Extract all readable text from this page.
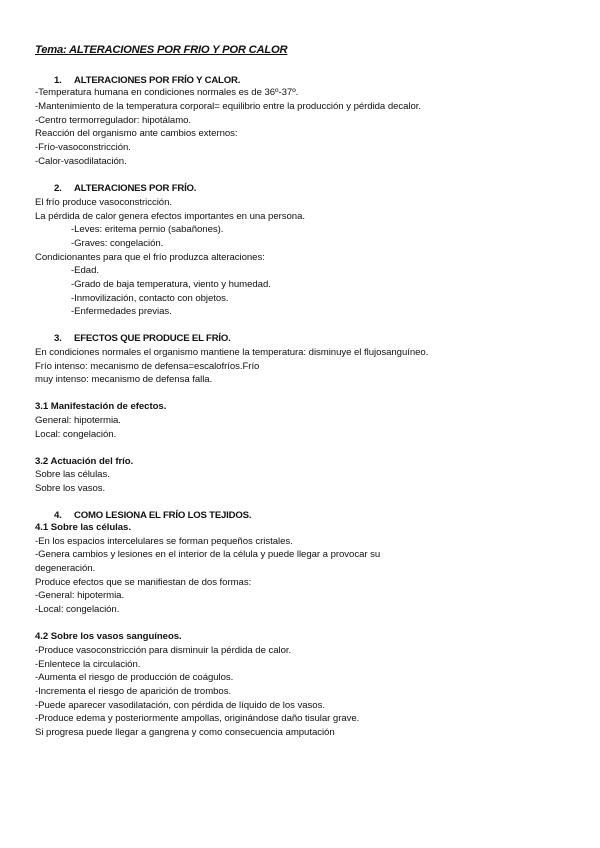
Tema: ALTERACIONES POR FRIO Y POR CALOR

1. ALTERACIONES POR FRÍO Y CALOR.

-Temperatura humana en condiciones normales es de 36º-37º.

-Mantenimiento de la temperatura corporal= equilibrio entre la producción y pérdida decalor.

-Centro termorregulador: hipotálamo.

Reacción del organismo ante cambios externos:

-Frío-vasoconstricción.

-Calor-vasodilatación.

2. ALTERACIONES POR FRÍO.

El frío produce vasoconstricción.

La pérdida de calor genera efectos importantes en una persona.

-Leves: eritema pernio (sabañones).

-Graves: congelación.

Condicionantes para que el frío produzca alteraciones:

-Edad.

-Grado de baja temperatura, viento y humedad.

-Inmovilización, contacto con objetos.

-Enfermedades previas.

3. EFECTOS QUE PRODUCE EL FRÍO.

En condiciones normales el organismo mantiene la temperatura: disminuye el flujosanguíneo.

Frío intenso: mecanismo de defensa=escalofríos.Frío

muy intenso: mecanismo de defensa falla.

3.1 Manifestación de efectos.

General: hipotermia.

Local: congelación.

3.2 Actuación del frío.

Sobre las células.

Sobre los vasos.

4. COMO LESIONA EL FRÍO LOS TEJIDOS.

4.1 Sobre las células.

-En los espacios intercelulares se forman pequeños cristales.

-Genera cambios y lesiones en el interior de la célula y puede llegar a provocar su

degeneración.

Produce efectos que se manifiestan de dos formas:

-General: hipotermia.

-Local: congelación.

4.2 Sobre los vasos sanguíneos.

-Produce vasoconstricción para disminuir la pérdida de calor.

-Enlentece la circulación.

-Aumenta el riesgo de producción de coágulos.

-Incrementa el riesgo de aparición de trombos.

-Puede aparecer vasodilatación, con pérdida de líquido de los vasos.

-Produce edema y posteriormente ampollas, originándose daño tisular grave.

Si progresa puede llegar a gangrena y como consecuencia amputación
